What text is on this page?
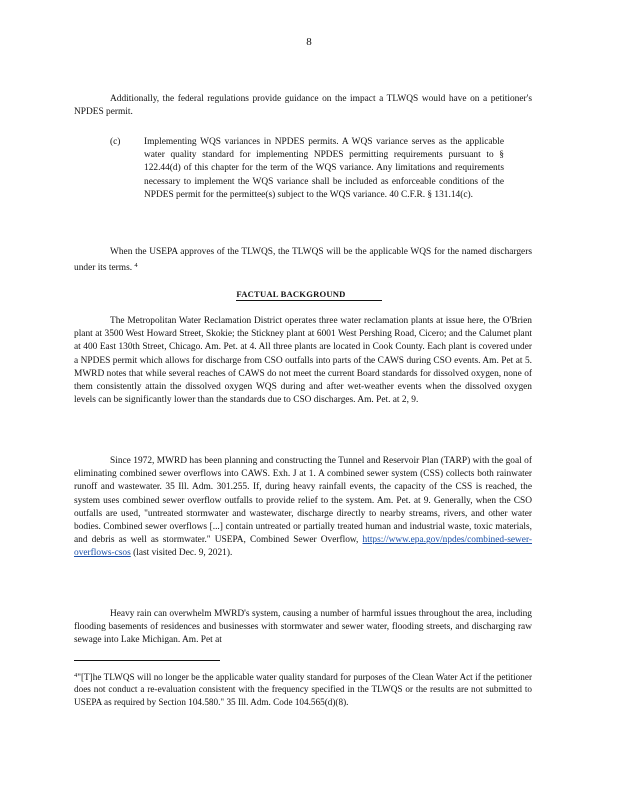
8

Additionally, the federal regulations provide guidance on the impact a TLWQS would have on a petitioner's NPDES permit.

(c)	Implementing WQS variances in NPDES permits. A WQS variance serves as the applicable water quality standard for implementing NPDES permitting requirements pursuant to § 122.44(d) of this chapter for the term of the WQS variance. Any limitations and requirements necessary to implement the WQS variance shall be included as enforceable conditions of the NPDES permit for the permittee(s) subject to the WQS variance. 40 C.F.R. § 131.14(c).

When the USEPA approves of the TLWQS, the TLWQS will be the applicable WQS for the named dischargers under its terms. $^4$

FACTUAL BACKGROUND

The Metropolitan Water Reclamation District operates three water reclamation plants at issue here, the O'Brien plant at 3500 West Howard Street, Skokie; the Stickney plant at 6001 West Pershing Road, Cicero; and the Calumet plant at 400 East 130th Street, Chicago. Am. Pet. at 4. All three plants are located in Cook County. Each plant is covered under a NPDES permit which allows for discharge from CSO outfalls into parts of the CAWS during CSO events. Am. Pet at 5. MWRD notes that while several reaches of CAWS do not meet the current Board standards for dissolved oxygen, none of them consistently attain the dissolved oxygen WQS during and after wet-weather events when the dissolved oxygen levels can be significantly lower than the standards due to CSO discharges. Am. Pet. at 2, 9.

Since 1972, MWRD has been planning and constructing the Tunnel and Reservoir Plan (TARP) with the goal of eliminating combined sewer overflows into CAWS. Exh. J at 1. A combined sewer system (CSS) collects both rainwater runoff and wastewater. 35 Ill. Adm. 301.255. If, during heavy rainfall events, the capacity of the CSS is reached, the system uses combined sewer overflow outfalls to provide relief to the system. Am. Pet. at 9. Generally, when the CSO outfalls are used, "untreated stormwater and wastewater, discharge directly to nearby streams, rivers, and other water bodies. Combined sewer overflows [...] contain untreated or partially treated human and industrial waste, toxic materials, and debris as well as stormwater." USEPA, Combined Sewer Overflow, https://www.epa.gov/npdes/combined-sewer-overflows-csos (last visited Dec. 9, 2021).

Heavy rain can overwhelm MWRD's system, causing a number of harmful issues throughout the area, including flooding basements of residences and businesses with stormwater and sewer water, flooding streets, and discharging raw sewage into Lake Michigan. Am. Pet at

$^4$"[T]he TLWQS will no longer be the applicable water quality standard for purposes of the Clean Water Act if the petitioner does not conduct a re-evaluation consistent with the frequency specified in the TLWQS or the results are not submitted to USEPA as required by Section 104.580." 35 Ill. Adm. Code 104.565(d)(8).
